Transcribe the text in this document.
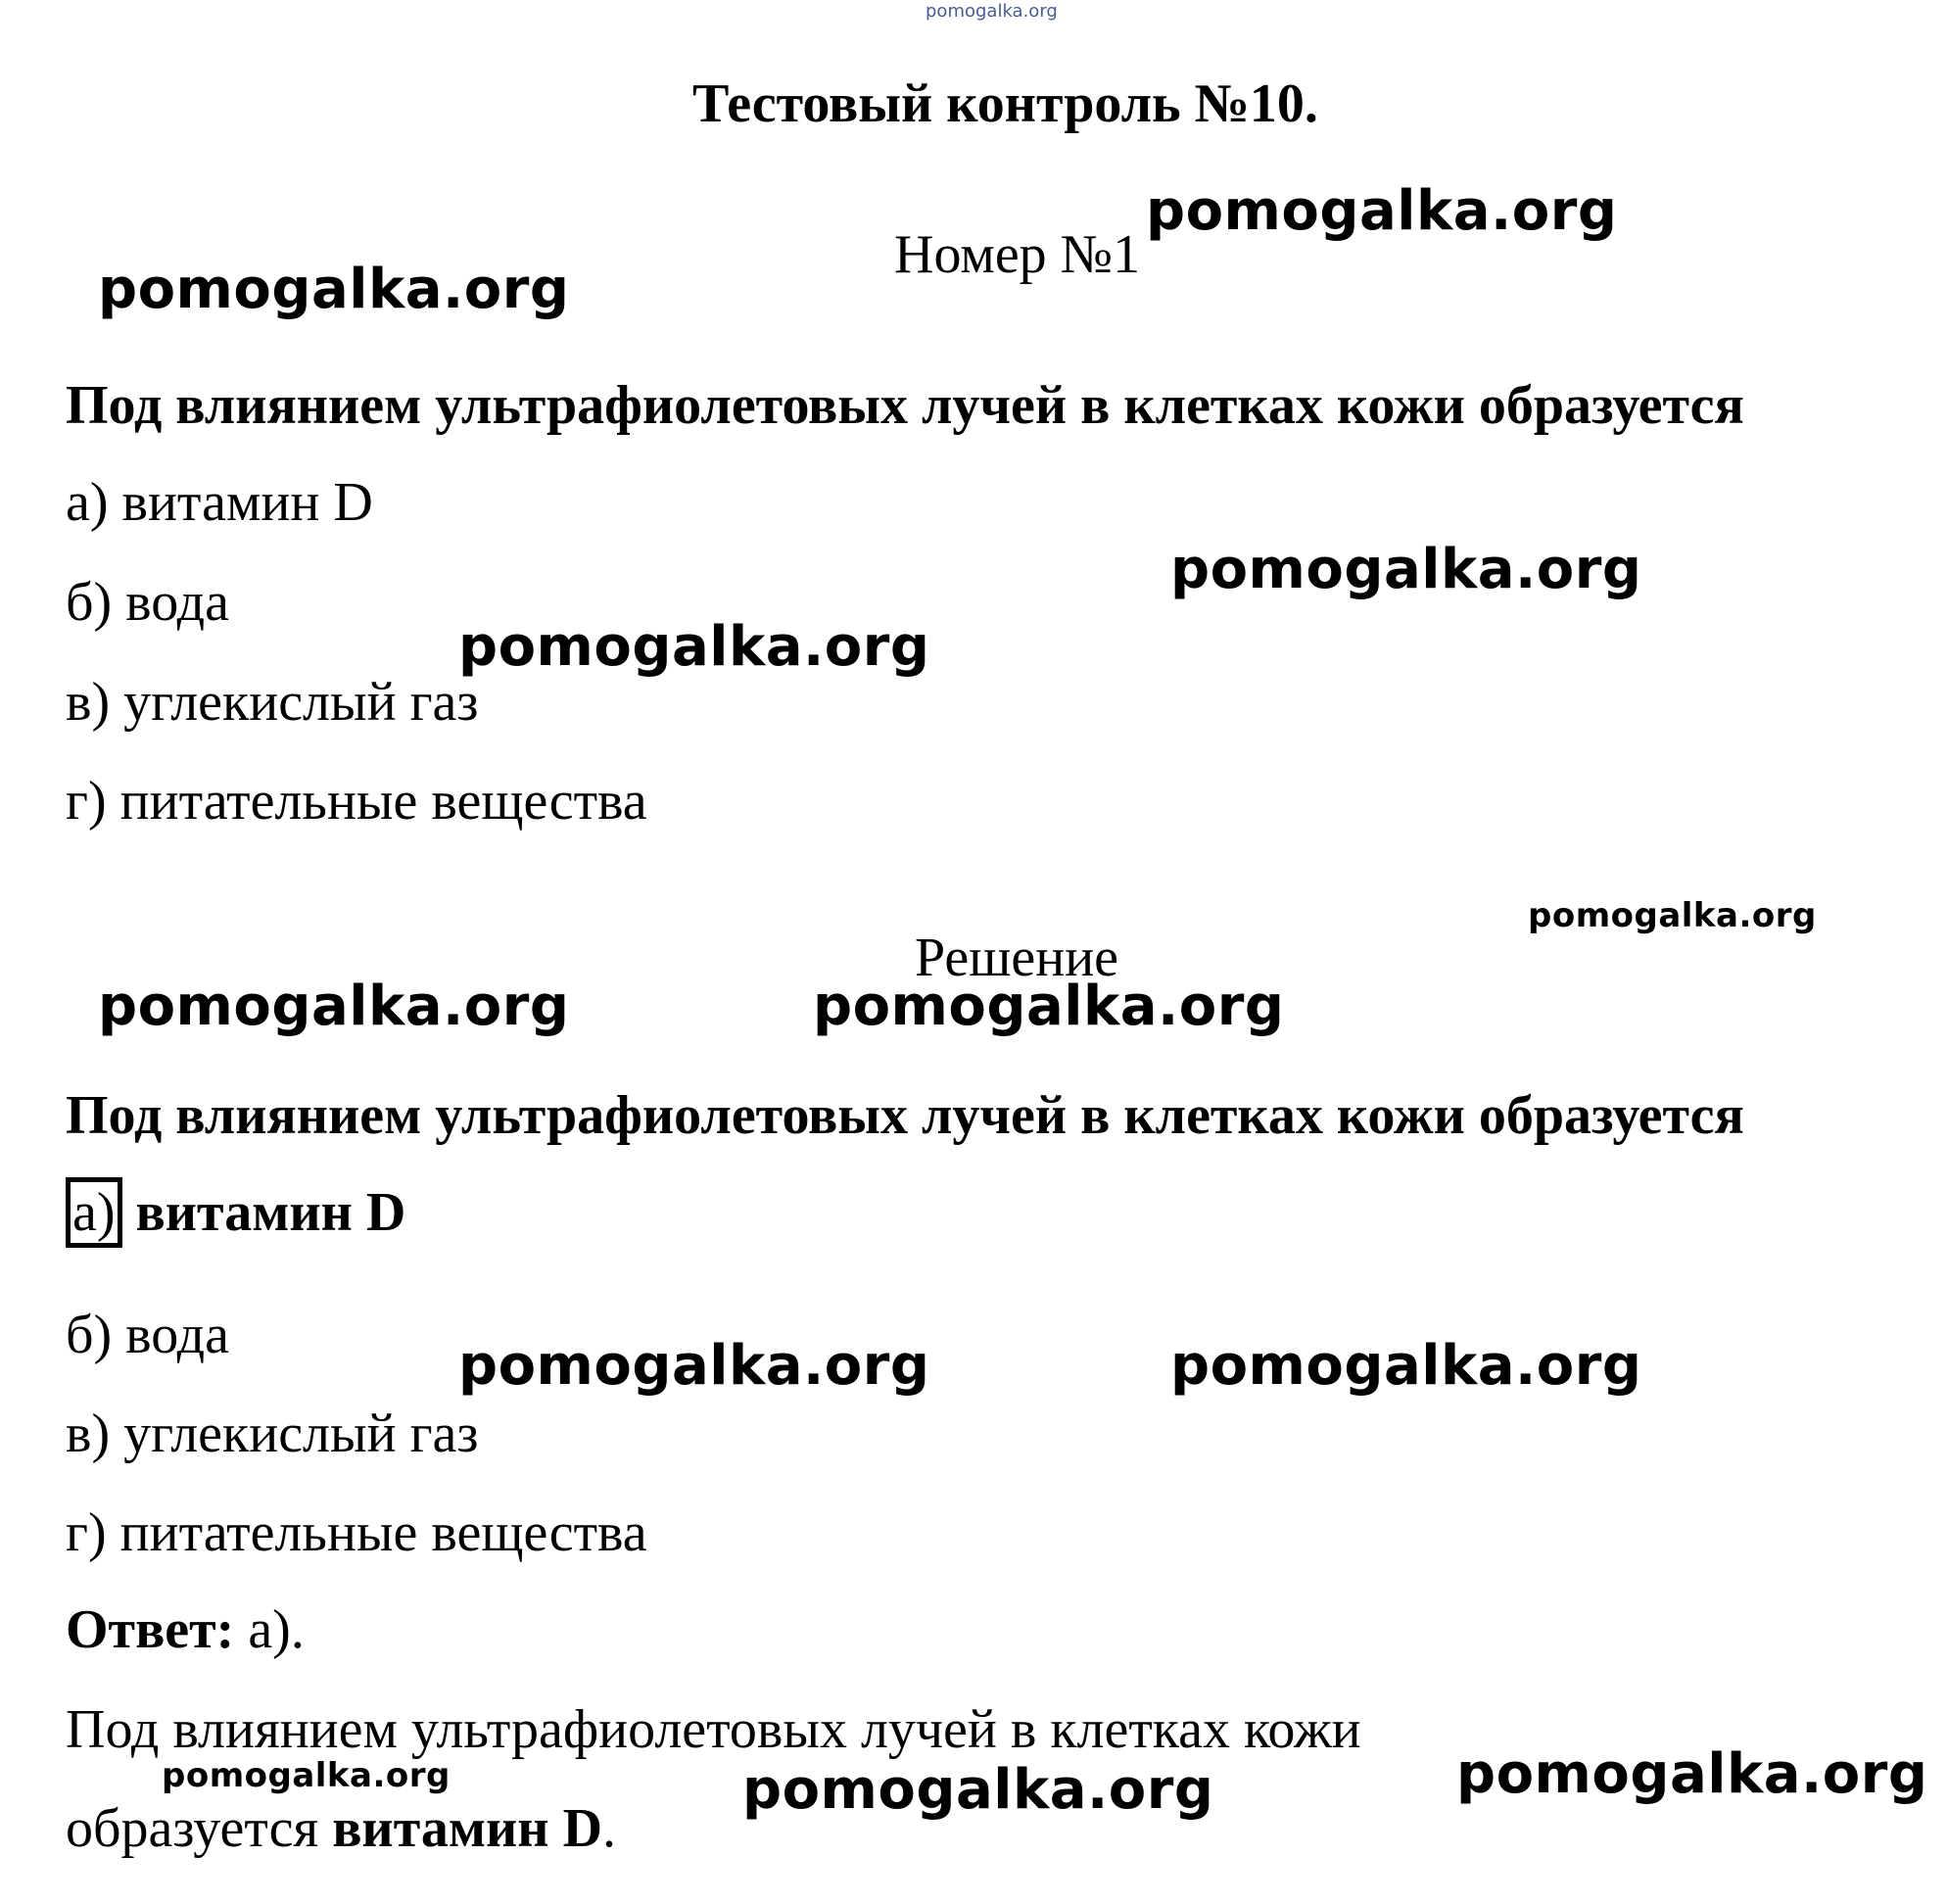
pomogalka.org
Тестовый контроль №10.
Номер №1
Под влиянием ультрафиолетовых лучей в клетках кожи образуется
а) витамин D
б) вода
в) углекислый газ
г) питательные вещества
Решение
Под влиянием ультрафиолетовых лучей в клетках кожи образуется
а) витамин D
б) вода
в) углекислый газ
г) питательные вещества
Ответ: а).
Под влиянием ультрафиолетовых лучей в клетках кожи
образуется витамин D.
pomogalka.org
pomogalka.org
pomogalka.org
pomogalka.org
pomogalka.org
pomogalka.org	pomogalka.org
pomogalka.org	pomogalka.org
pomogalka.org	pomogalka.org	pomogalka.org
